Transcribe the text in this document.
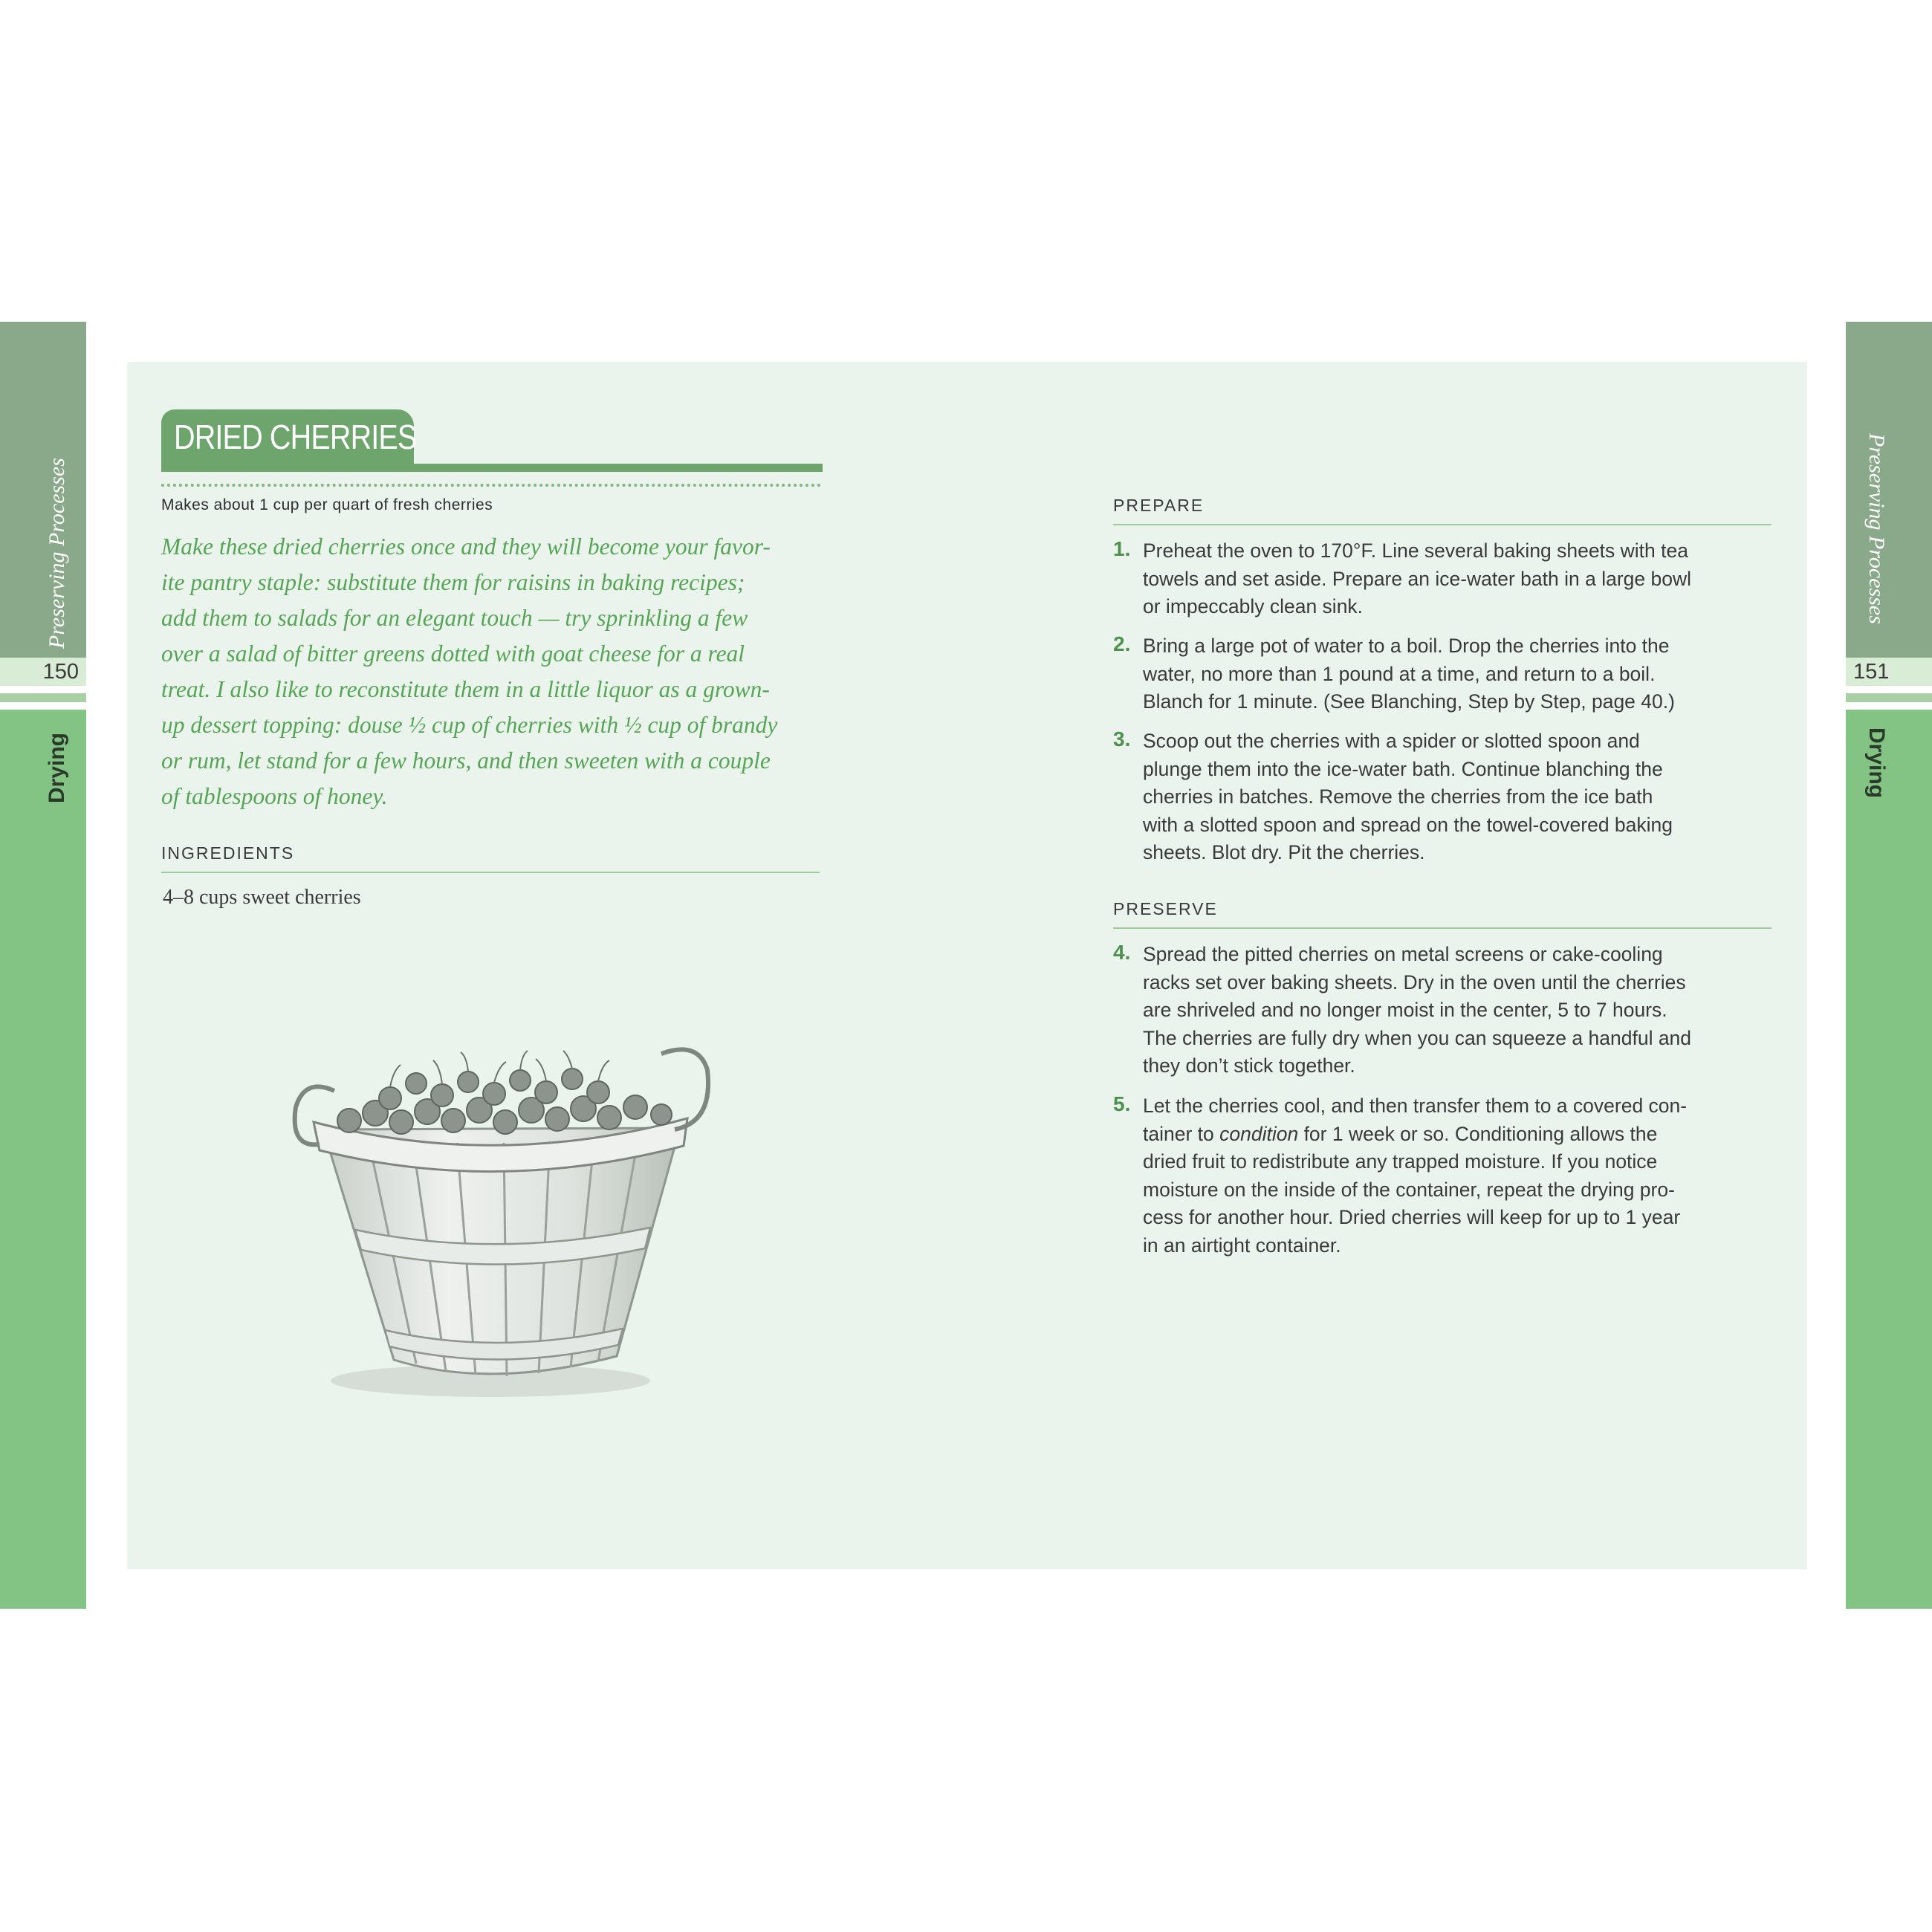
150
Preserving Processes
Drying
151
Preserving Processes
Drying
DRIED CHERRIES
Makes about 1 cup per quart of fresh cherries
Make these dried cherries once and they will become your favor-
ite pantry staple: substitute them for raisins in baking recipes;
add them to salads for an elegant touch — try sprinkling a few
over a salad of bitter greens dotted with goat cheese for a real
treat. I also like to reconstitute them in a little liquor as a grown-
up dessert topping: douse ½ cup of cherries with ½ cup of brandy
or rum, let stand for a few hours, and then sweeten with a couple
of tablespoons of honey.
INGREDIENTS
4–8 cups sweet cherries
PREPARE
1. Preheat the oven to 170°F. Line several baking sheets with tea
towels and set aside. Prepare an ice-water bath in a large bowl
or impeccably clean sink.
2. Bring a large pot of water to a boil. Drop the cherries into the
water, no more than 1 pound at a time, and return to a boil.
Blanch for 1 minute. (See Blanching, Step by Step, page 40.)
3. Scoop out the cherries with a spider or slotted spoon and
plunge them into the ice-water bath. Continue blanching the
cherries in batches. Remove the cherries from the ice bath
with a slotted spoon and spread on the towel-covered baking
sheets. Blot dry. Pit the cherries.
PRESERVE
4. Spread the pitted cherries on metal screens or cake-cooling
racks set over baking sheets. Dry in the oven until the cherries
are shriveled and no longer moist in the center, 5 to 7 hours.
The cherries are fully dry when you can squeeze a handful and
they don’t stick together.
5. Let the cherries cool, and then transfer them to a covered con-
tainer to condition for 1 week or so. Conditioning allows the
dried fruit to redistribute any trapped moisture. If you notice
moisture on the inside of the container, repeat the drying pro-
cess for another hour. Dried cherries will keep for up to 1 year
in an airtight container.
